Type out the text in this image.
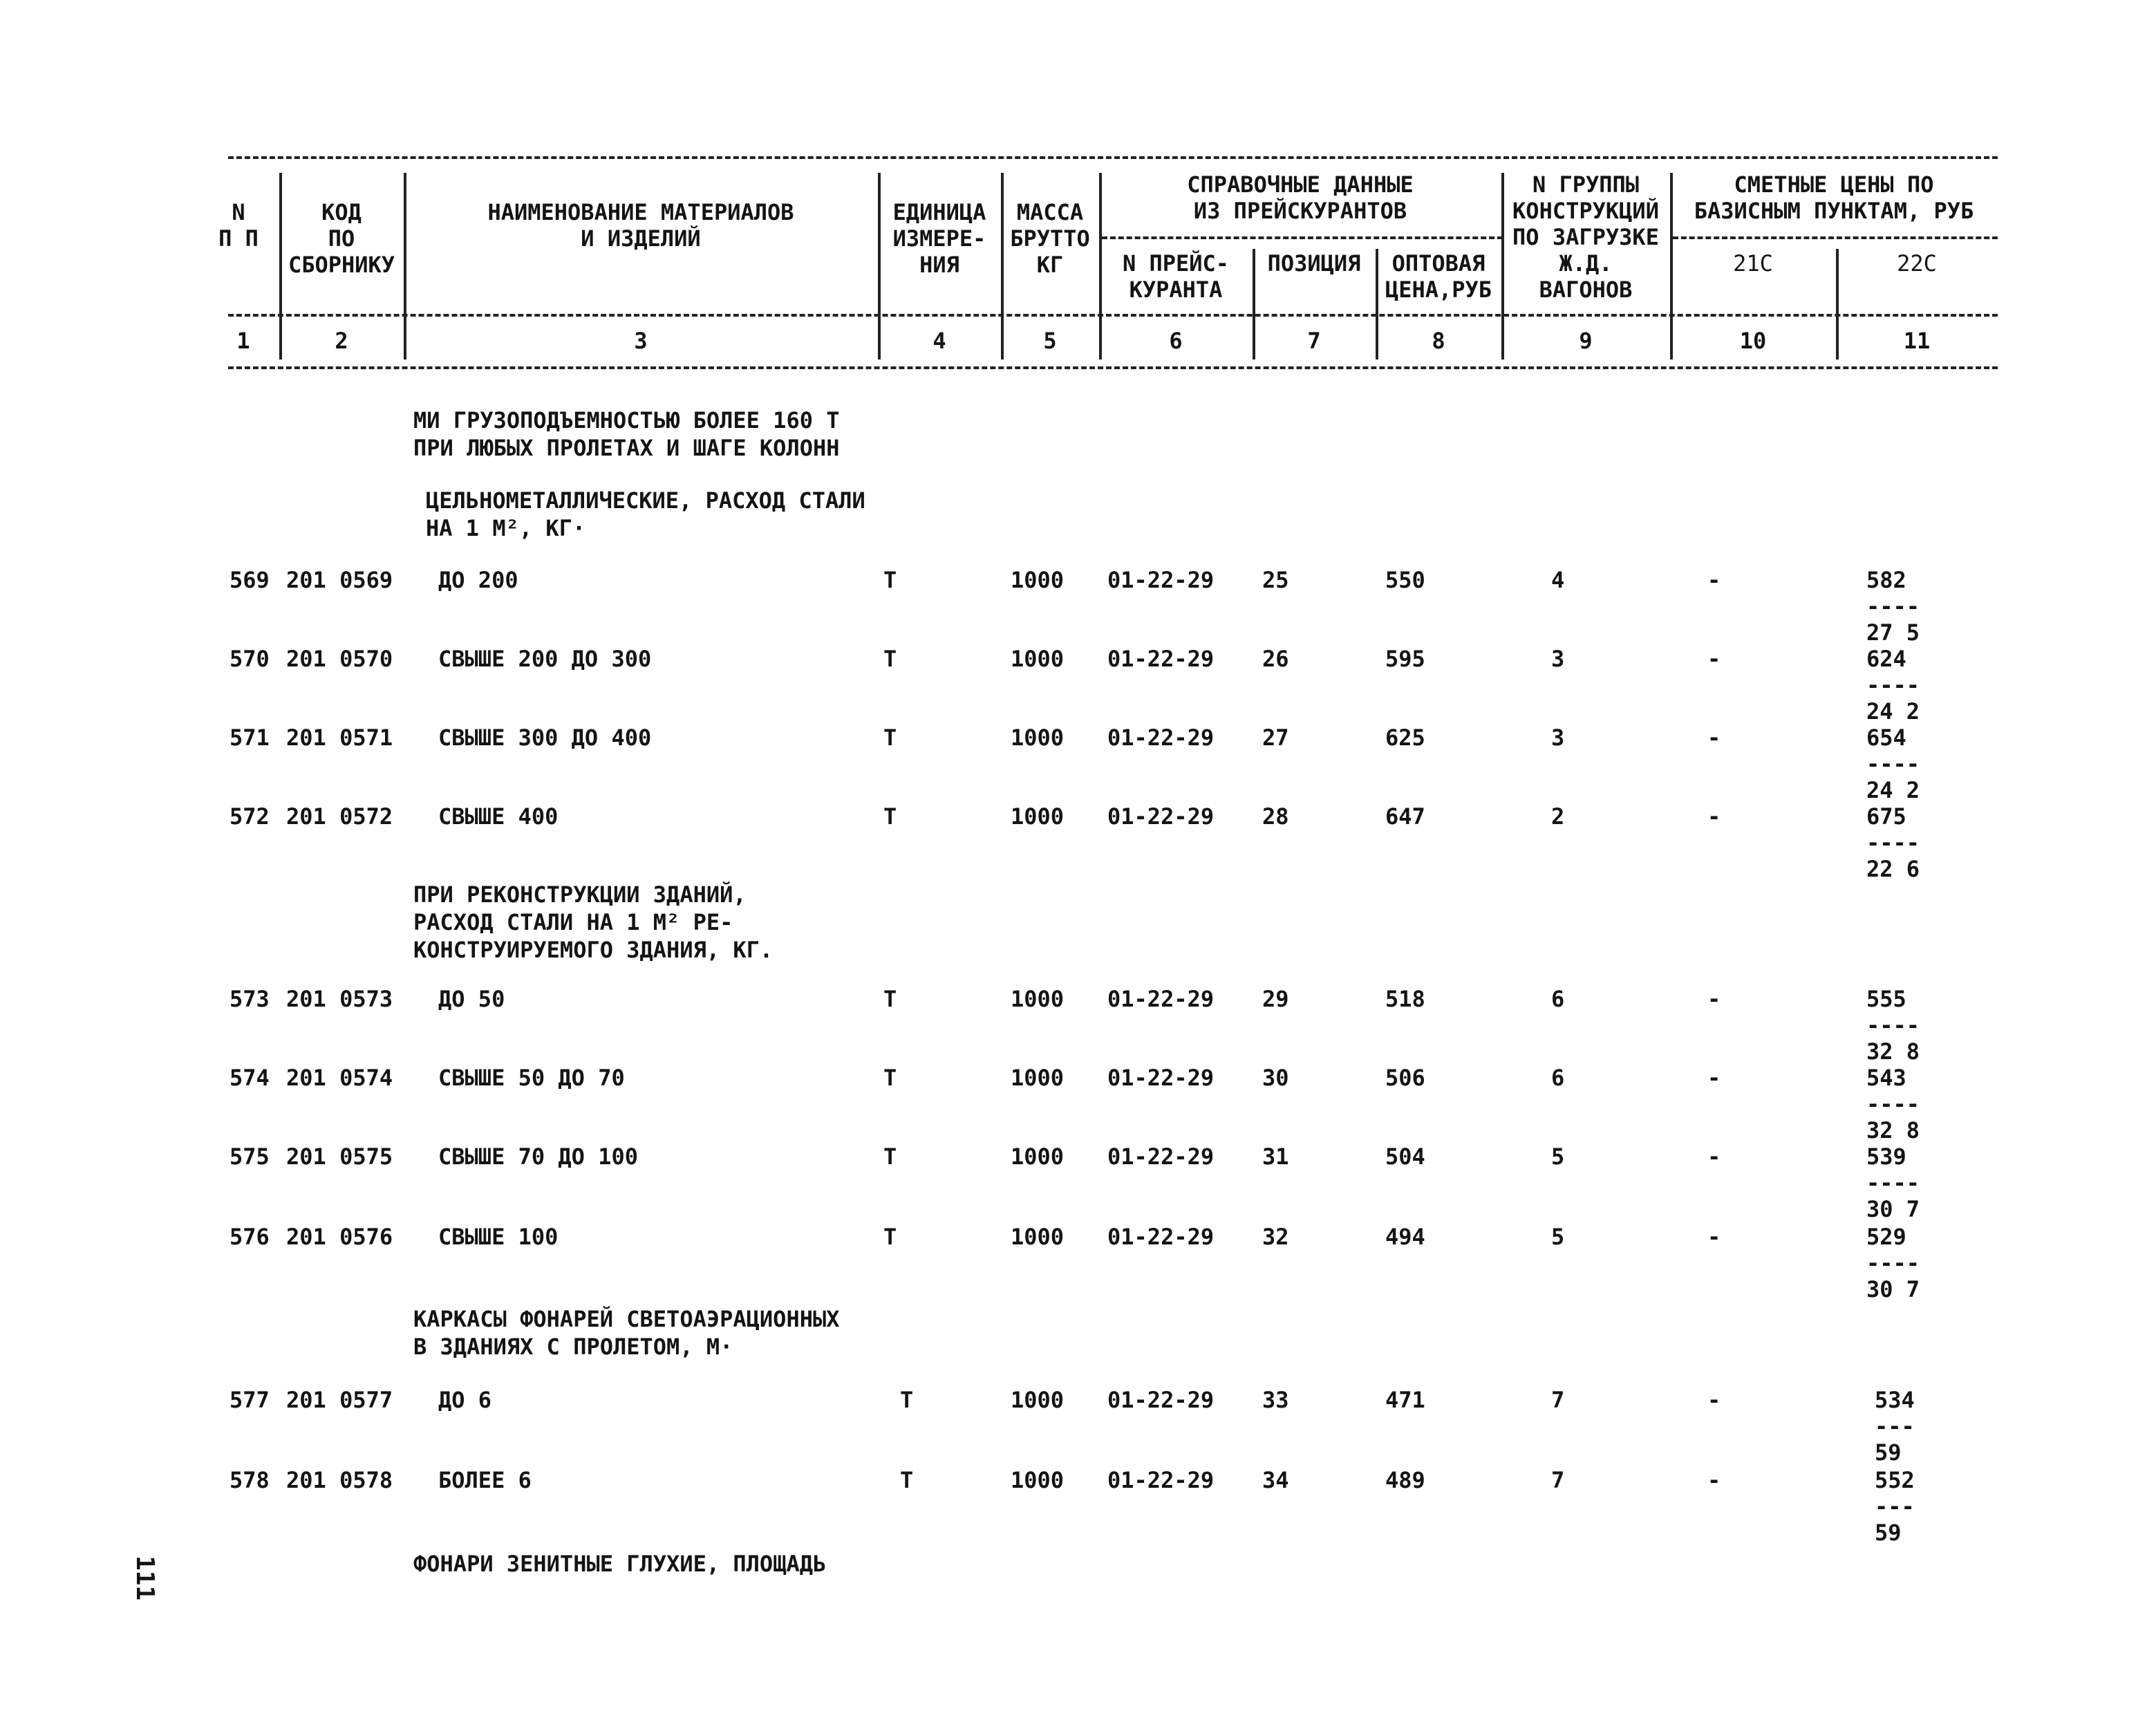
N
П П
КОД
ПО
СБОРНИКУ
НАИМЕНОВАНИЕ МАТЕРИАЛОВ
И ИЗДЕЛИЙ
ЕДИНИЦА
ИЗМЕРЕ-
НИЯ
МАССА
БРУТТО
КГ
СПРАВОЧНЫЕ ДАННЫЕ
ИЗ ПРЕЙСКУРАНТОВ
N ПРЕЙС-
КУРАНТА
ПОЗИЦИЯ	ОПТОВАЯ
ЦЕНА,РУБ
N ГРУППЫ
КОНСТРУКЦИЙ
ПО ЗАГРУЗКЕ
Ж.Д.
ВАГОНОВ
СМЕТНЫЕ ЦЕНЫ ПО
БАЗИСНЫМ ПУНКТАМ, РУБ
21С	22С
1	2	3	4	5	6	7	8	9	10	11
МИ ГРУЗОПОДЪЕМНОСТЬЮ БОЛЕЕ 160 Т
ПРИ ЛЮБЫХ ПРОЛЕТАХ И ШАГЕ КОЛОНН
ЦЕЛЬНОМЕТАЛЛИЧЕСКИЕ, РАСХОД СТАЛИ
НА 1 М², КГ·
ПРИ РЕКОНСТРУКЦИИ ЗДАНИЙ,
РАСХОД СТАЛИ НА 1 М² РЕ-
КОНСТРУИРУЕМОГО ЗДАНИЯ, КГ.
КАРКАСЫ ФОНАРЕЙ СВЕТОАЭРАЦИОННЫХ
В ЗДАНИЯХ С ПРОЛЕТОМ, М·
ФОНАРИ ЗЕНИТНЫЕ ГЛУХИЕ, ПЛОЩАДЬ
569 201 0569 ДО 200	Т	1000 01-22-29 25	550	4	-	582
----
27 5
570 201 0570 СВЫШЕ 200 ДО 300	Т	1000 01-22-29 26	595	3	-	624
----
24 2
571 201 0571 СВЫШЕ 300 ДО 400	Т	1000 01-22-29 27	625	3	-	654
----
24 2
572 201 0572 СВЫШЕ 400	Т	1000 01-22-29 28	647	2	-	675
----
22 6
573 201 0573 ДО 50	Т	1000 01-22-29 29	518	6	-	555
----
32 8
574 201 0574 СВЫШЕ 50 ДО 70	Т	1000 01-22-29 30	506	6	-	543
----
32 8
575 201 0575 СВЫШЕ 70 ДО 100	Т	1000 01-22-29 31	504	5	-	539
----
30 7
576 201 0576 СВЫШЕ 100	Т	1000 01-22-29 32	494	5	-	529
----
30 7
577 201 0577 ДО 6	Т	1000 01-22-29 33	471	7	-	534
---
59
578 201 0578 БОЛЕЕ 6	Т	1000 01-22-29 34	489	7	-	552
---
59
111
